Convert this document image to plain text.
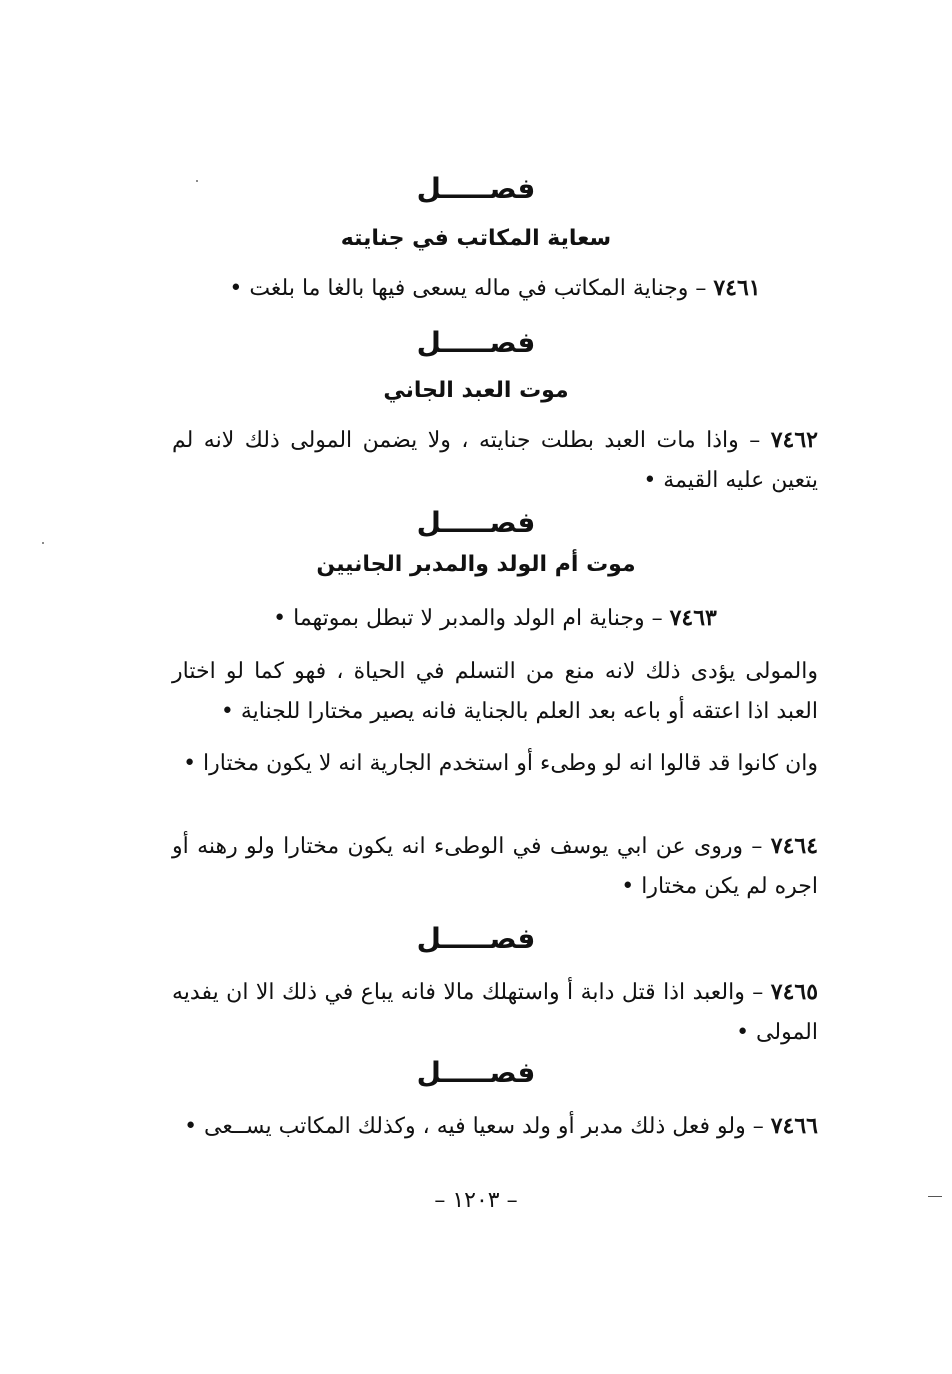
فصـــــل
سعاية المكاتب في جنايته
٧٤٦١ – وجناية المكاتب في ماله يسعى فيها بالغا ما بلغت •
فصـــــل
موت العبد الجاني
٧٤٦٢ – واذا مات العبد بطلت جنايته ، ولا يضمن المولى ذلك لانه لم يتعين عليه القيمة •
فصـــــل
موت أم الولد والمدبر الجانيين
٧٤٦٣ – وجناية ام الولد والمدبر لا تبطل بموتهما •
والمولى يؤدى ذلك لانه منع من التسلم في الحياة ، فهو كما لو اختار العبد اذا اعتقه أو باعه بعد العلم بالجناية فانه يصير مختارا للجناية •
وان كانوا قد قالوا انه لو وطىء أو استخدم الجارية انه لا يكون مختارا •
٧٤٦٤ – وروى عن ابي يوسف في الوطىء انه يكون مختارا ولو رهنه أو اجره لم يكن مختارا •
فصـــــل
٧٤٦٥ – والعبد اذا قتل دابة أ واستهلك مالا فانه يباع في ذلك الا ان يفديه المولى •
فصـــــل
٧٤٦٦ – ولو فعل ذلك مدبر أو ولد سعيا فيه ، وكذلك المكاتب يســعى •
– ١٢٠٣ –
